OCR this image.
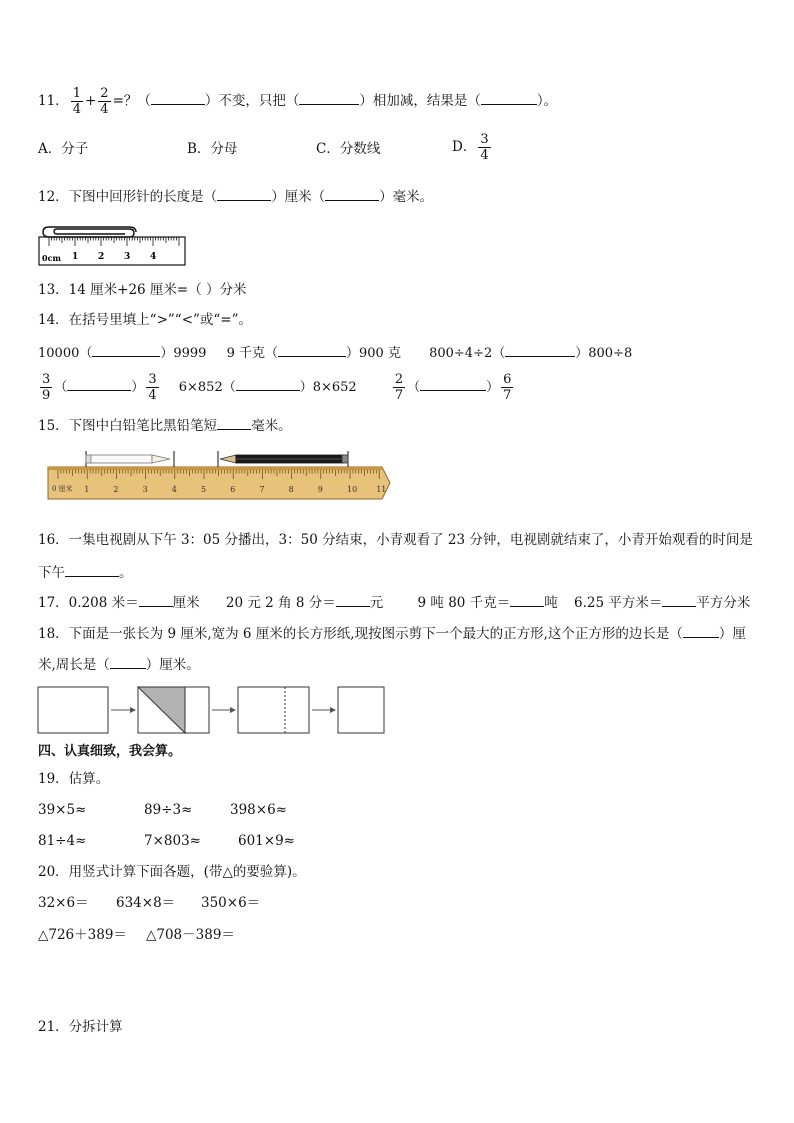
11． $\frac{1}{4} + \frac{2}{4}$ =？（	）不变，只把（	）相加减，结果是（	）。
A．分子	B．分母	C．分数线	D． $\frac{3}{4}$
12．下图中回形针的长度是（	）厘米（	）毫米。
0cm 1 2 3 4
13．14 厘米+26 厘米=（ ）分米
14．在括号里填上“>”“<”或“=”。
10000（	）9999 9 千克（	）900 克 800÷4÷2（	）800÷8
$\frac{3}{9}$ （	） $\frac{3}{4} 6\times 852$（	）8×652	$\frac{2}{7}$ （	） $\frac{6}{7}$
15．下图中白铅笔比黑铅笔短	毫米。
0 厘米 1	2	3	4	5	6	7	8	9	10 11
16．一集电视剧从下午 3：05 分播出，3：50 分结束，小青观看了 23 分钟，电视剧就结束了，小青开始观看的时间是
下午	。
17．0.208 米＝	厘米 20 元 2 角 8 分＝	元	9 吨 80 千克＝	吨 6.25 平方米＝	平方分米
18．下面是一张长为 9 厘米,宽为 6 厘米的长方形纸,现按图示剪下一个最大的正方形,这个正方形的边长是（	）厘
米,周长是（	）厘米。
四、认真细致，我会算。
19．估算。
39×5≈	89÷3≈	398×6≈
81÷4≈	7×803≈	601×9≈
20．用竖式计算下面各题，(带△的要验算)。
32×6＝ 634×8＝ 350×6＝
△726＋389＝ △708－389＝
21．分拆计算
